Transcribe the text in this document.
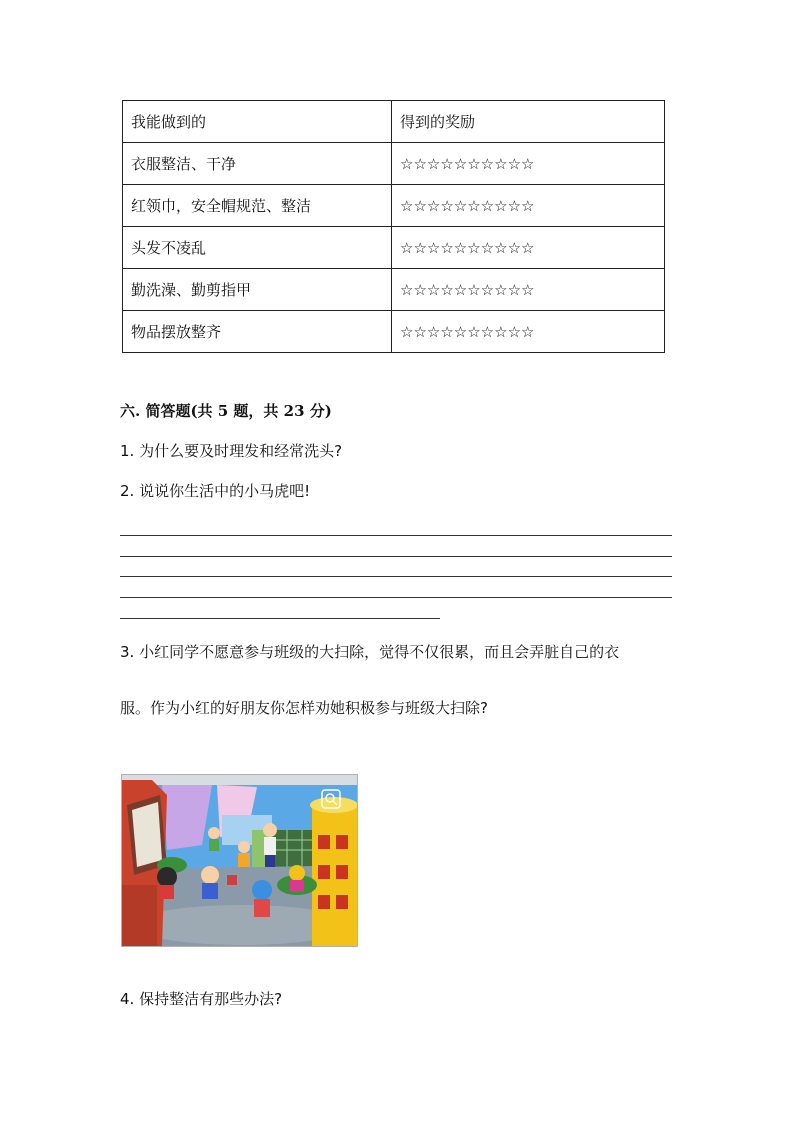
我能做到的	得到的奖励
衣服整洁、干净	☆☆☆☆☆☆☆☆☆☆
红领巾，安全帽规范、整洁	☆☆☆☆☆☆☆☆☆☆
头发不凌乱	☆☆☆☆☆☆☆☆☆☆
勤洗澡、勤剪指甲	☆☆☆☆☆☆☆☆☆☆
物品摆放整齐	☆☆☆☆☆☆☆☆☆☆
六. 简答题(共 5 题，共 23 分)
1. 为什么要及时理发和经常洗头?
2. 说说你生活中的小马虎吧!
3. 小红同学不愿意参与班级的大扫除，觉得不仅很累，而且会弄脏自己的衣
服。作为小红的好朋友你怎样劝她积极参与班级大扫除?
4. 保持整洁有那些办法?
